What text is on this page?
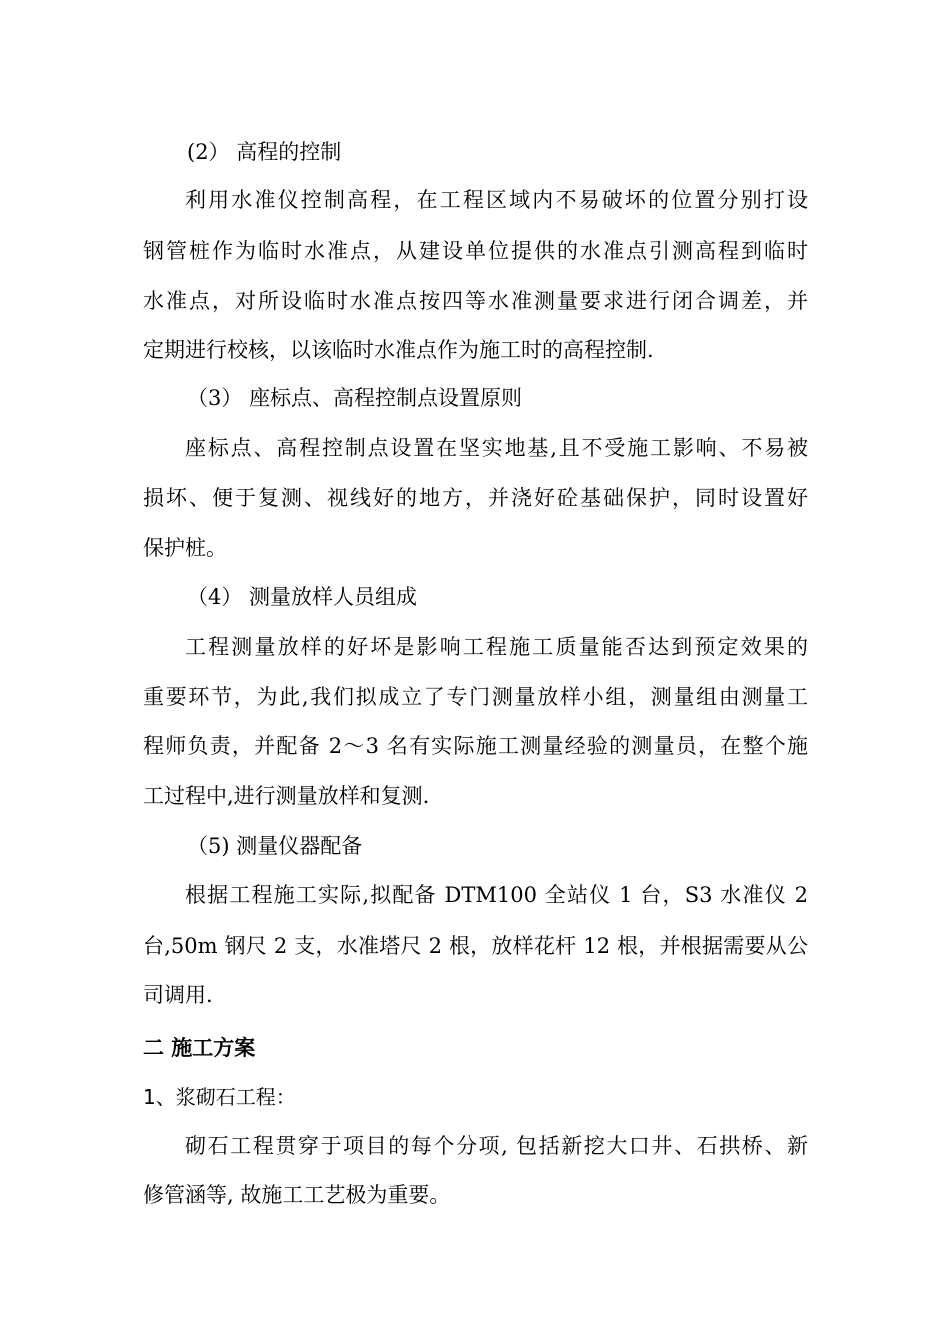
(2） 高程的控制
利用水准仪控制高程，在工程区域内不易破坏的位置分别打设
钢管桩作为临时水准点，从建设单位提供的水准点引测高程到临时
水准点，对所设临时水准点按四等水准测量要求进行闭合调差，并
定期进行校核，以该临时水准点作为施工时的高程控制.
（3） 座标点、高程控制点设置原则
座标点、高程控制点设置在坚实地基,且不受施工影响、不易被
损坏、便于复测、视线好的地方，并浇好砼基础保护，同时设置好
保护桩。
（4） 测量放样人员组成
工程测量放样的好坏是影响工程施工质量能否达到预定效果的
重要环节，为此,我们拟成立了专门测量放样小组，测量组由测量工
程师负责，并配备 2～3 名有实际施工测量经验的测量员，在整个施
工过程中,进行测量放样和复测.
（5) 测量仪器配备
根据工程施工实际,拟配备 DTM100 全站仪 1 台，S3 水准仪 2
台,50m 钢尺 2 支，水准塔尺 2 根，放样花杆 12 根，并根据需要从公
司调用.
二 施工方案
1、浆砌石工程：
砌石工程贯穿于项目的每个分项, 包括新挖大口井、石拱桥、新
修管涵等, 故施工工艺极为重要。
